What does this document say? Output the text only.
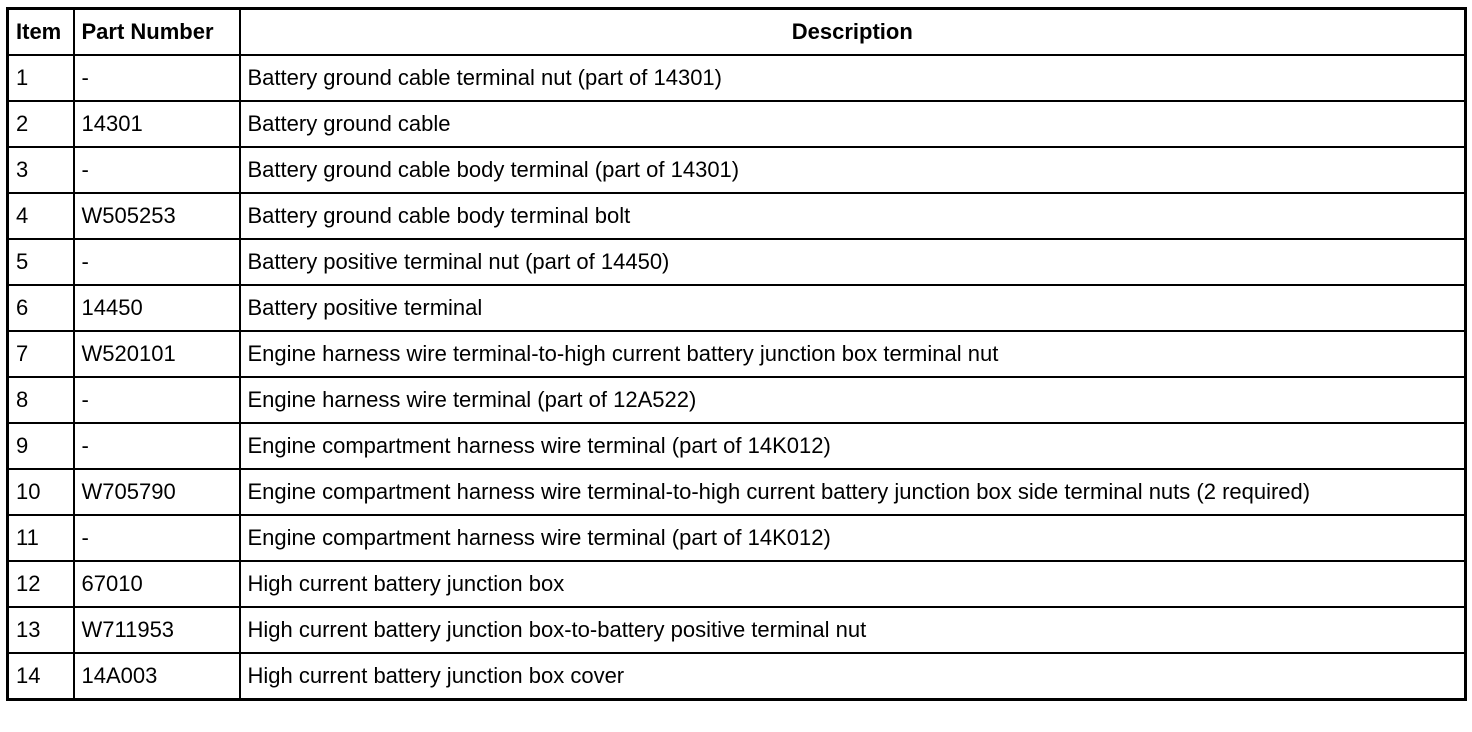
Item	Part Number	Description
1	-	Battery ground cable terminal nut (part of 14301)
2	14301	Battery ground cable
3	-	Battery ground cable body terminal (part of 14301)
4	W505253	Battery ground cable body terminal bolt
5	-	Battery positive terminal nut (part of 14450)
6	14450	Battery positive terminal
7	W520101	Engine harness wire terminal-to-high current battery junction box terminal nut
8	-	Engine harness wire terminal (part of 12A522)
9	-	Engine compartment harness wire terminal (part of 14K012)
10	W705790	Engine compartment harness wire terminal-to-high current battery junction box side terminal nuts (2 required)
11	-	Engine compartment harness wire terminal (part of 14K012)
12	67010	High current battery junction box
13	W711953	High current battery junction box-to-battery positive terminal nut
14	14A003	High current battery junction box cover
